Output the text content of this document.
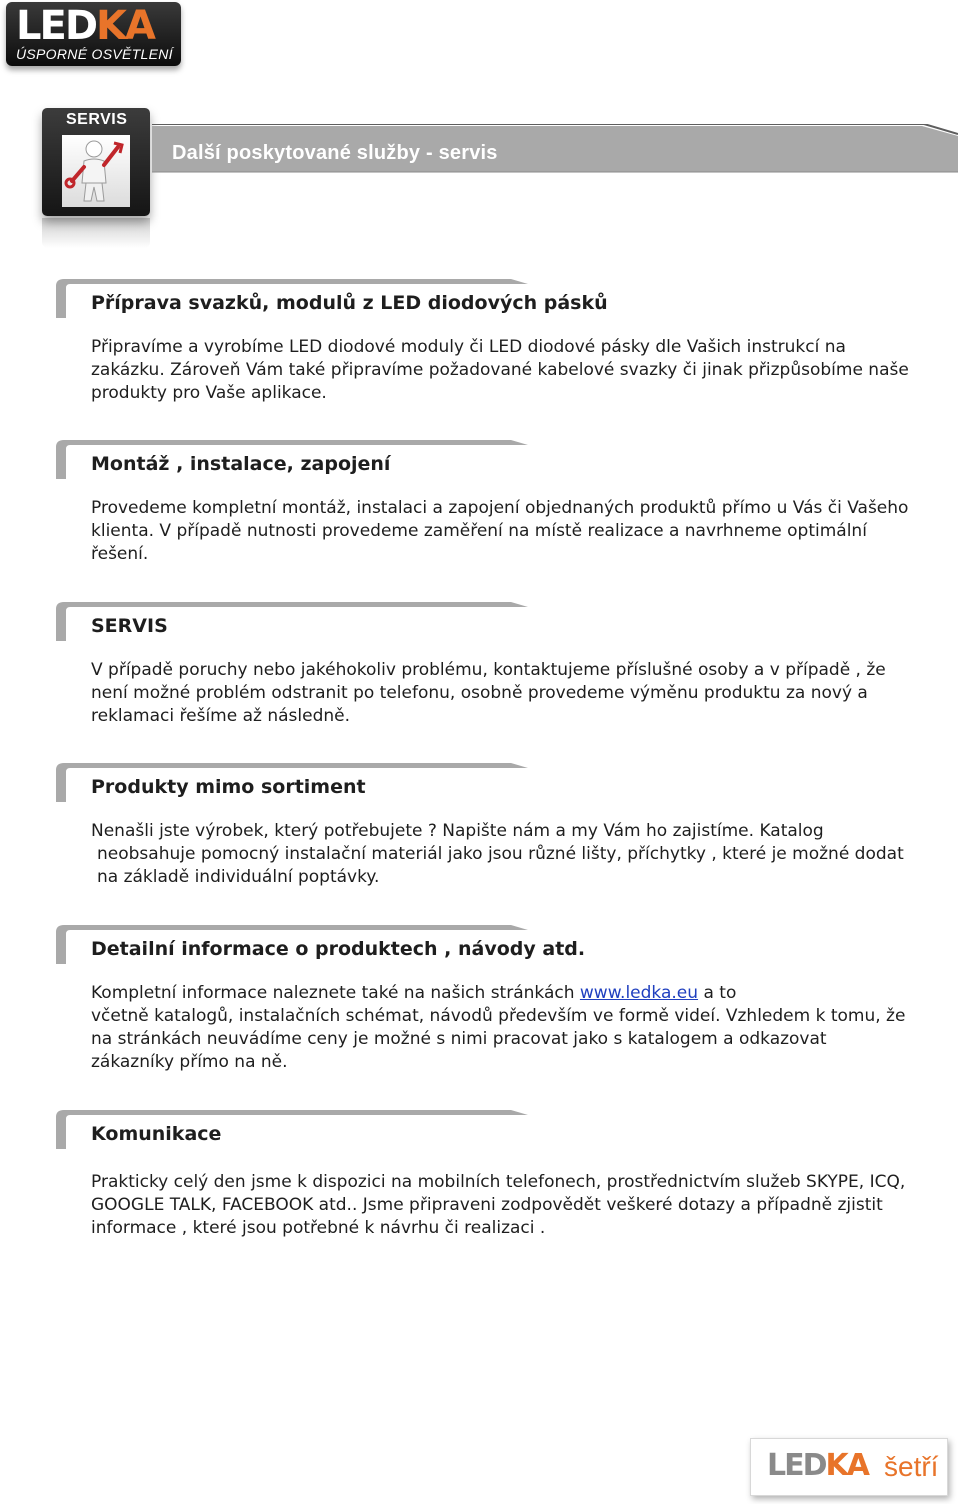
LEDKA
ÚSPORNÉ OSVĚTLENÍ
SERVIS
Další poskytované služby - servis
Příprava svazků, modulů z LED diodových pásků

Připravíme a vyrobíme LED diodové moduly či LED diodové pásky dle Vašich instrukcí na zakázku. Zároveň Vám také připravíme požadované kabelové svazky či jinak přizpůsobíme naše produkty pro Vaše aplikace.

Montáž , instalace, zapojení

Provedeme kompletní montáž, instalaci a zapojení objednaných produktů přímo u Vás či Vašeho klienta. V případě nutnosti provedeme zaměření na místě realizace a navrhneme optimální řešení.

SERVIS

V případě poruchy nebo jakéhokoliv problému, kontaktujeme příslušné osoby a v případě , že není možné problém odstranit po telefonu, osobně provedeme výměnu produktu za nový a reklamaci řešíme až následně.

Produkty mimo sortiment

Nenašli jste výrobek, který potřebujete ? Napište nám a my Vám ho zajistíme. Katalog

neobsahuje pomocný instalační materiál jako jsou různé lišty, příchytky , které je možné dodat

na základě individuální poptávky.

Detailní informace o produktech , návody atd.

Kompletní informace naleznete také na našich stránkách www.ledka.eu a to

včetně katalogů, instalačních schémat, návodů především ve formě videí. Vzhledem k tomu, že na stránkách neuvádíme ceny je možné s nimi pracovat jako s katalogem a odkazovat zákazníky přímo na ně.

Komunikace

Prakticky celý den jsme k dispozici na mobilních telefonech, prostřednictvím služeb SKYPE, ICQ, GOOGLE TALK, FACEBOOK atd.. Jsme připraveni zodpovědět veškeré dotazy a případně zjistit informace , které jsou potřebné k návrhu či realizaci .

LEDKA šetří
